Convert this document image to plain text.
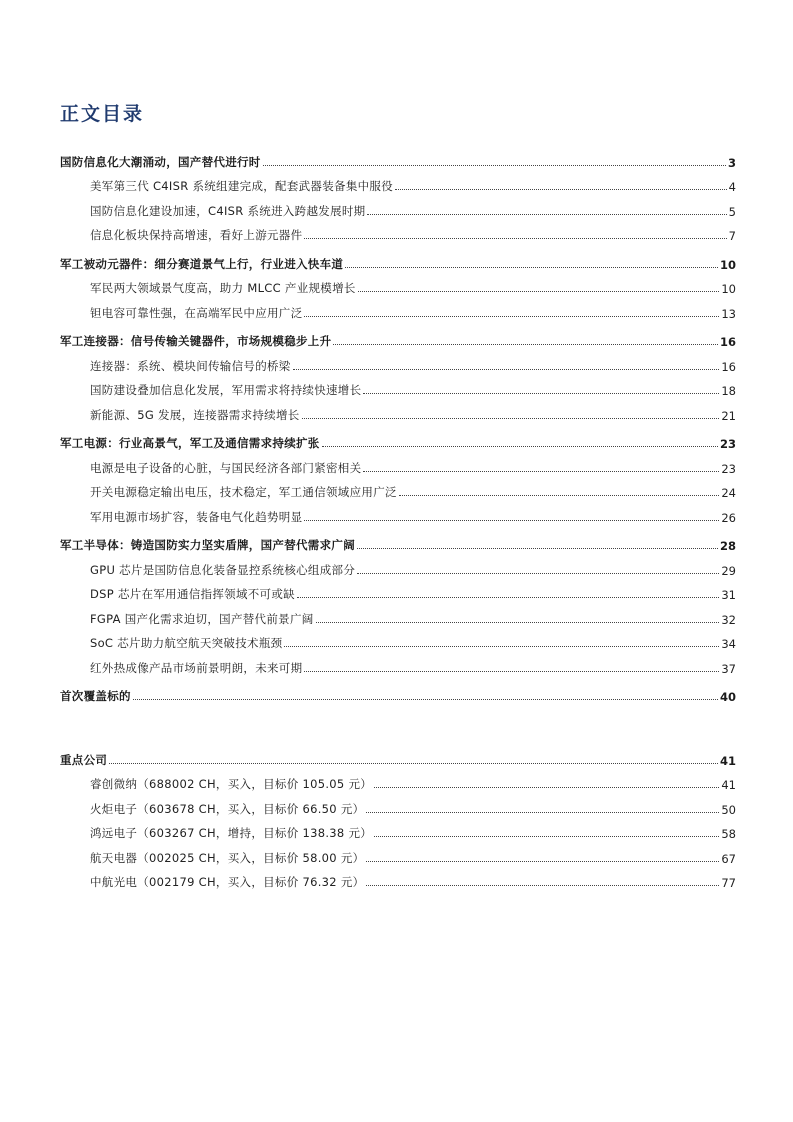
正文目录
国防信息化大潮涌动，国产替代进行时	3
美军第三代 C4ISR 系统组建完成，配套武器装备集中服役	4
国防信息化建设加速，C4ISR 系统进入跨越发展时期	5
信息化板块保持高增速，看好上游元器件	7
军工被动元器件：细分赛道景气上行，行业进入快车道	10
军民两大领域景气度高，助力 MLCC 产业规模增长	10
钽电容可靠性强，在高端军民中应用广泛	13
军工连接器：信号传输关键器件，市场规模稳步上升	16
连接器：系统、模块间传输信号的桥梁	16
国防建设叠加信息化发展，军用需求将持续快速增长	18
新能源、5G 发展，连接器需求持续增长	21
军工电源：行业高景气，军工及通信需求持续扩张	23
电源是电子设备的心脏，与国民经济各部门紧密相关	23
开关电源稳定输出电压，技术稳定，军工通信领域应用广泛	24
军用电源市场扩容，装备电气化趋势明显	26
军工半导体：铸造国防实力坚实盾牌，国产替代需求广阔	28
GPU 芯片是国防信息化装备显控系统核心组成部分	29
DSP 芯片在军用通信指挥领域不可或缺	31
FGPA 国产化需求迫切，国产替代前景广阔	32
SoC 芯片助力航空航天突破技术瓶颈	34
红外热成像产品市场前景明朗，未来可期	37
首次覆盖标的	40
重点公司	41
睿创微纳（688002 CH，买入，目标价 105.05 元）	41
火炬电子（603678 CH，买入，目标价 66.50 元）	50
鸿远电子（603267 CH，增持，目标价 138.38 元）	58
航天电器（002025 CH，买入，目标价 58.00 元）	67
中航光电（002179 CH，买入，目标价 76.32 元）	77
